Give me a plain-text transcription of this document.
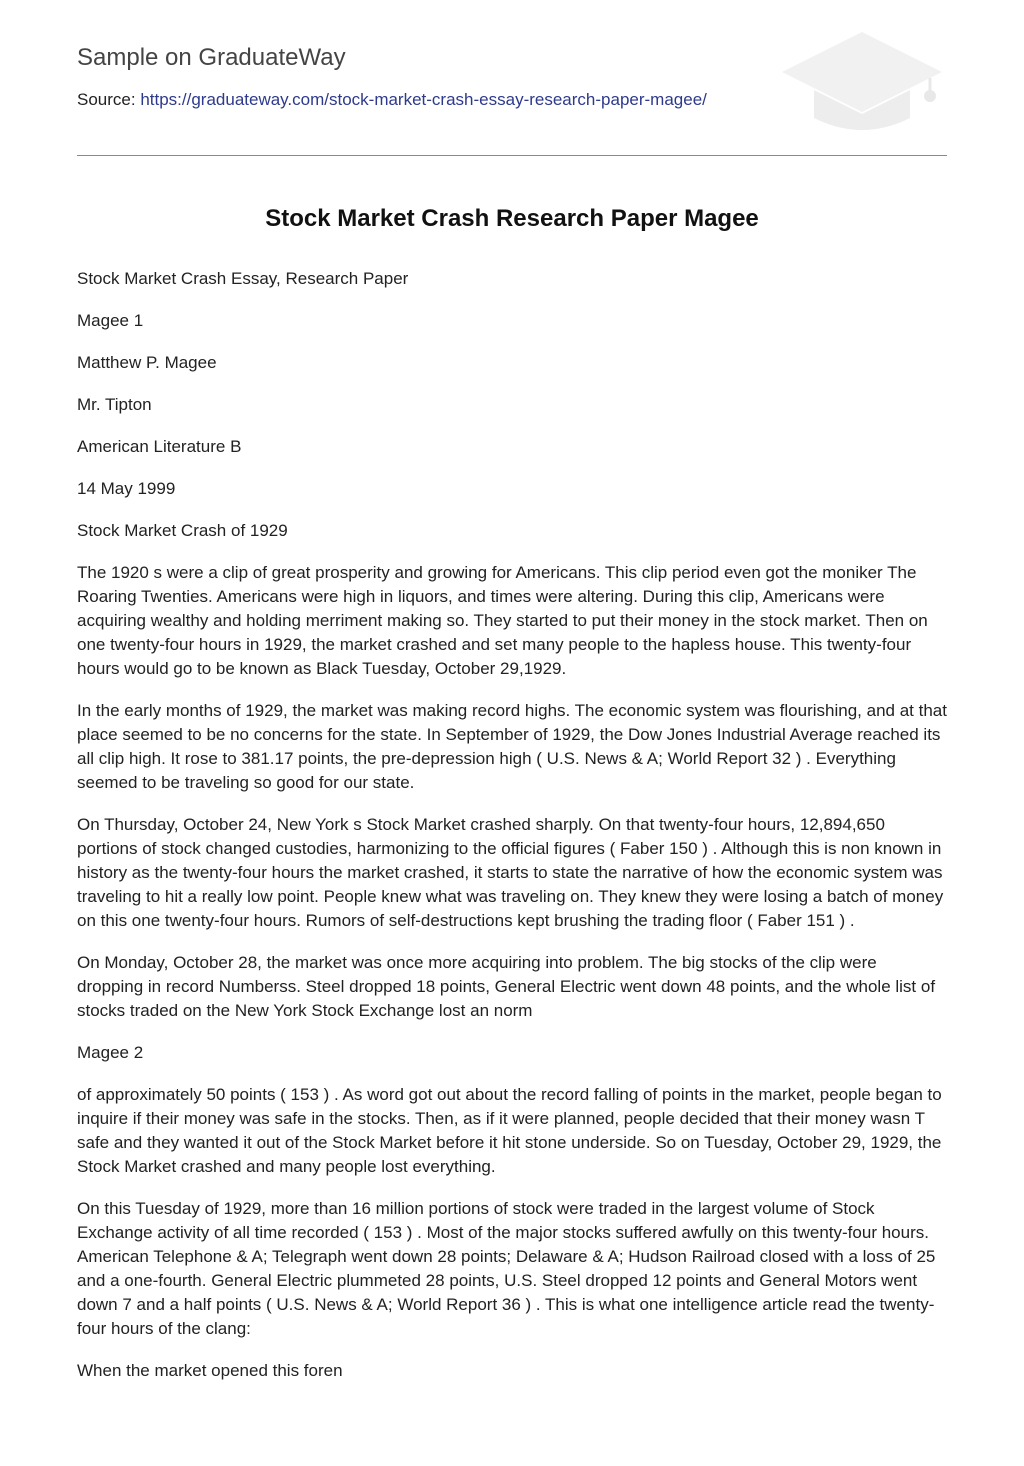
Sample on GraduateWay
Source: https://graduateway.com/stock-market-crash-essay-research-paper-magee/
Stock Market Crash Research Paper Magee

Stock Market Crash Essay, Research Paper

Magee 1

Matthew P. Magee

Mr. Tipton

American Literature B

14 May 1999

Stock Market Crash of 1929

The 1920 s were a clip of great prosperity and growing for Americans. This clip period even got the moniker The Roaring Twenties. Americans were high in liquors, and times were altering. During this clip, Americans were acquiring wealthy and holding merriment making so. They started to put their money in the stock market. Then on one twenty-four hours in 1929, the market crashed and set many people to the hapless house. This twenty-four hours would go to be known as Black Tuesday, October 29,1929.

In the early months of 1929, the market was making record highs. The economic system was flourishing, and at that place seemed to be no concerns for the state. In September of 1929, the Dow Jones Industrial Average reached its all clip high. It rose to 381.17 points, the pre-depression high ( U.S. News & A; World Report 32 ) . Everything seemed to be traveling so good for our state.

On Thursday, October 24, New York s Stock Market crashed sharply. On that twenty-four hours, 12,894,650 portions of stock changed custodies, harmonizing to the official figures ( Faber 150 ) . Although this is non known in history as the twenty-four hours the market crashed, it starts to state the narrative of how the economic system was traveling to hit a really low point. People knew what was traveling on. They knew they were losing a batch of money on this one twenty-four hours. Rumors of self-destructions kept brushing the trading floor ( Faber 151 ) .

On Monday, October 28, the market was once more acquiring into problem. The big stocks of the clip were dropping in record Numberss. Steel dropped 18 points, General Electric went down 48 points, and the whole list of stocks traded on the New York Stock Exchange lost an norm

Magee 2

of approximately 50 points ( 153 ) . As word got out about the record falling of points in the market, people began to inquire if their money was safe in the stocks. Then, as if it were planned, people decided that their money wasn T safe and they wanted it out of the Stock Market before it hit stone underside. So on Tuesday, October 29, 1929, the Stock Market crashed and many people lost everything.

On this Tuesday of 1929, more than 16 million portions of stock were traded in the largest volume of Stock Exchange activity of all time recorded ( 153 ) . Most of the major stocks suffered awfully on this twenty-four hours. American Telephone & A; Telegraph went down 28 points; Delaware & A; Hudson Railroad closed with a loss of 25 and a one-fourth. General Electric plummeted 28 points, U.S. Steel dropped 12 points and General Motors went down 7 and a half points ( U.S. News & A; World Report 36 ) . This is what one intelligence article read the twenty-four hours of the clang:

When the market opened this foren
